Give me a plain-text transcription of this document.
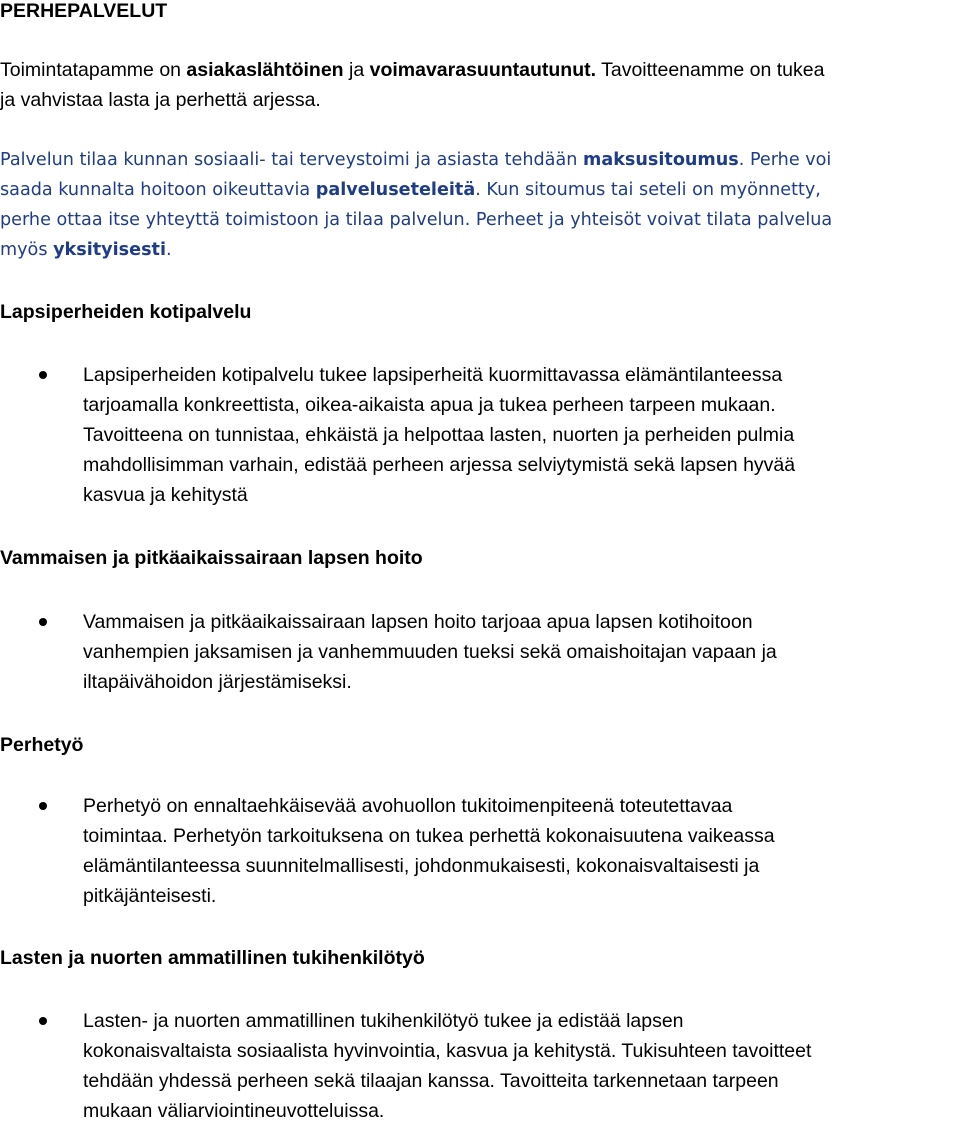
PERHEPALVELUT
Toimintatapamme on asiakaslähtöinen ja voimavarasuuntautunut. Tavoitteenamme on tukea
ja vahvistaa lasta ja perhettä arjessa.
Palvelun tilaa kunnan sosiaali- tai terveystoimi ja asiasta tehdään maksusitoumus. Perhe voi
saada kunnalta hoitoon oikeuttavia palveluseteleitä. Kun sitoumus tai seteli on myönnetty,
perhe ottaa itse yhteyttä toimistoon ja tilaa palvelun. Perheet ja yhteisöt voivat tilata palvelua
myös yksityisesti.
Lapsiperheiden kotipalvelu
Lapsiperheiden kotipalvelu tukee lapsiperheitä kuormittavassa elämäntilanteessa
tarjoamalla konkreettista, oikea-aikaista apua ja tukea perheen tarpeen mukaan.
Tavoitteena on tunnistaa, ehkäistä ja helpottaa lasten, nuorten ja perheiden pulmia
mahdollisimman varhain, edistää perheen arjessa selviytymistä sekä lapsen hyvää
kasvua ja kehitystä
Vammaisen ja pitkäaikaissairaan lapsen hoito
Vammaisen ja pitkäaikaissairaan lapsen hoito tarjoaa apua lapsen kotihoitoon
vanhempien jaksamisen ja vanhemmuuden tueksi sekä omaishoitajan vapaan ja
iltapäivähoidon järjestämiseksi.
Perhetyö
Perhetyö on ennaltaehkäisevää avohuollon tukitoimenpiteenä toteutettavaa
toimintaa. Perhetyön tarkoituksena on tukea perhettä kokonaisuutena vaikeassa
elämäntilanteessa suunnitelmallisesti, johdonmukaisesti, kokonaisvaltaisesti ja
pitkäjänteisesti.
Lasten ja nuorten ammatillinen tukihenkilötyö
Lasten- ja nuorten ammatillinen tukihenkilötyö tukee ja edistää lapsen
kokonaisvaltaista sosiaalista hyvinvointia, kasvua ja kehitystä. Tukisuhteen tavoitteet
tehdään yhdessä perheen sekä tilaajan kanssa. Tavoitteita tarkennetaan tarpeen
mukaan väliarviointineuvotteluissa.
